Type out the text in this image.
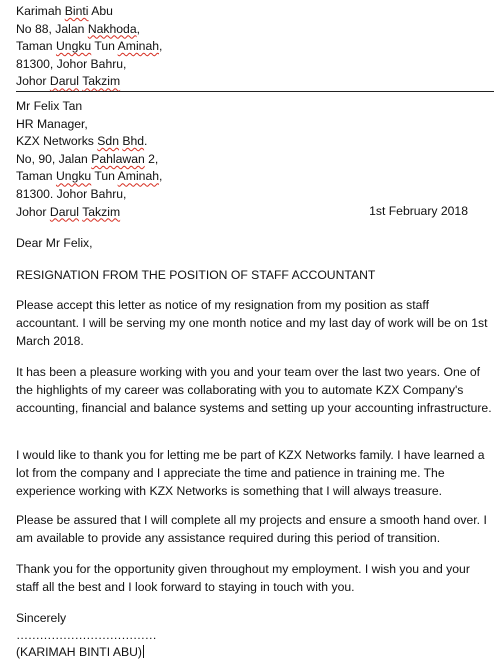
Karimah Binti Abu
No 88, Jalan Nakhoda,
Taman Ungku Tun Aminah,
81300, Johor Bahru,
Johor Darul Takzim
Mr Felix Tan
HR Manager,
KZX Networks Sdn Bhd.
No, 90, Jalan Pahlawan 2,
Taman Ungku Tun Aminah,
81300. Johor Bahru,
Johor Darul Takzim	1st February 2018
Dear Mr Felix,
RESIGNATION FROM THE POSITION OF STAFF ACCOUNTANT
Please accept this letter as notice of my resignation from my position as staff accountant. I will be serving my one month notice and my last day of work will be on 1st March 2018.
It has been a pleasure working with you and your team over the last two years. One of the highlights of my career was collaborating with you to automate KZX Company's accounting, financial and balance systems and setting up your accounting infrastructure.
I would like to thank you for letting me be part of KZX Networks family. I have learned a lot from the company and I appreciate the time and patience in training me. The experience working with KZX Networks is something that I will always treasure.
Please be assured that I will complete all my projects and ensure a smooth hand over. I am available to provide any assistance required during this period of transition.
Thank you for the opportunity given throughout my employment. I wish you and your staff all the best and I look forward to staying in touch with you.
Sincerely
………………………………
(KARIMAH BINTI ABU)
